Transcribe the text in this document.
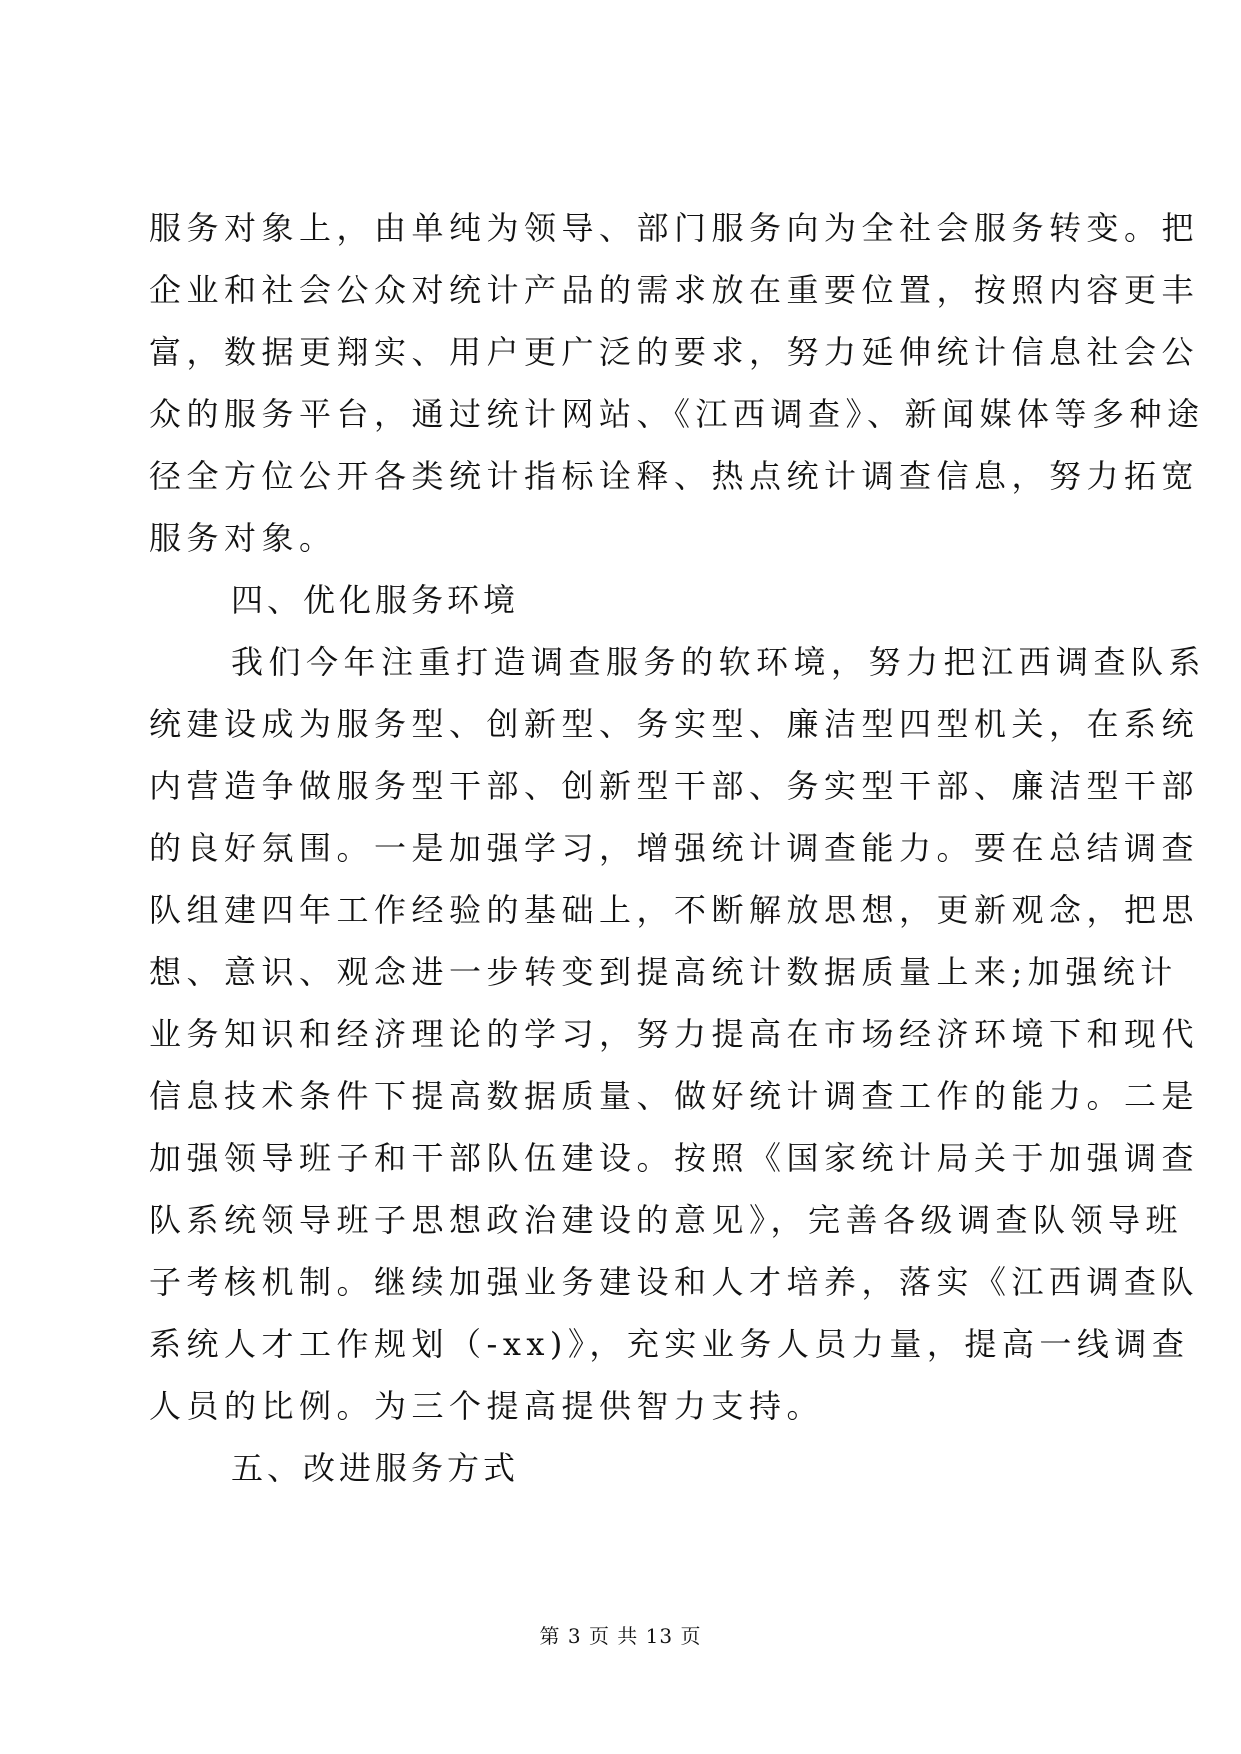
服务对象上，由单纯为领导、部门服务向为全社会服务转变。把
企业和社会公众对统计产品的需求放在重要位置，按照内容更丰
富，数据更翔实、用户更广泛的要求，努力延伸统计信息社会公
众的服务平台，通过统计网站、《江西调查》、新闻媒体等多种途
径全方位公开各类统计指标诠释、热点统计调查信息，努力拓宽
服务对象。
四、优化服务环境
我们今年注重打造调查服务的软环境，努力把江西调查队系
统建设成为服务型、创新型、务实型、廉洁型四型机关，在系统
内营造争做服务型干部、创新型干部、务实型干部、廉洁型干部
的良好氛围。一是加强学习，增强统计调查能力。要在总结调查
队组建四年工作经验的基础上，不断解放思想，更新观念，把思
想、意识、观念进一步转变到提高统计数据质量上来;加强统计
业务知识和经济理论的学习，努力提高在市场经济环境下和现代
信息技术条件下提高数据质量、做好统计调查工作的能力。二是
加强领导班子和干部队伍建设。按照《国家统计局关于加强调查
队系统领导班子思想政治建设的意见》，完善各级调查队领导班
子考核机制。继续加强业务建设和人才培养，落实《江西调查队
系统人才工作规划（-xx)》，充实业务人员力量，提高一线调查
人员的比例。为三个提高提供智力支持。
五、改进服务方式
第 3 页 共 13 页
